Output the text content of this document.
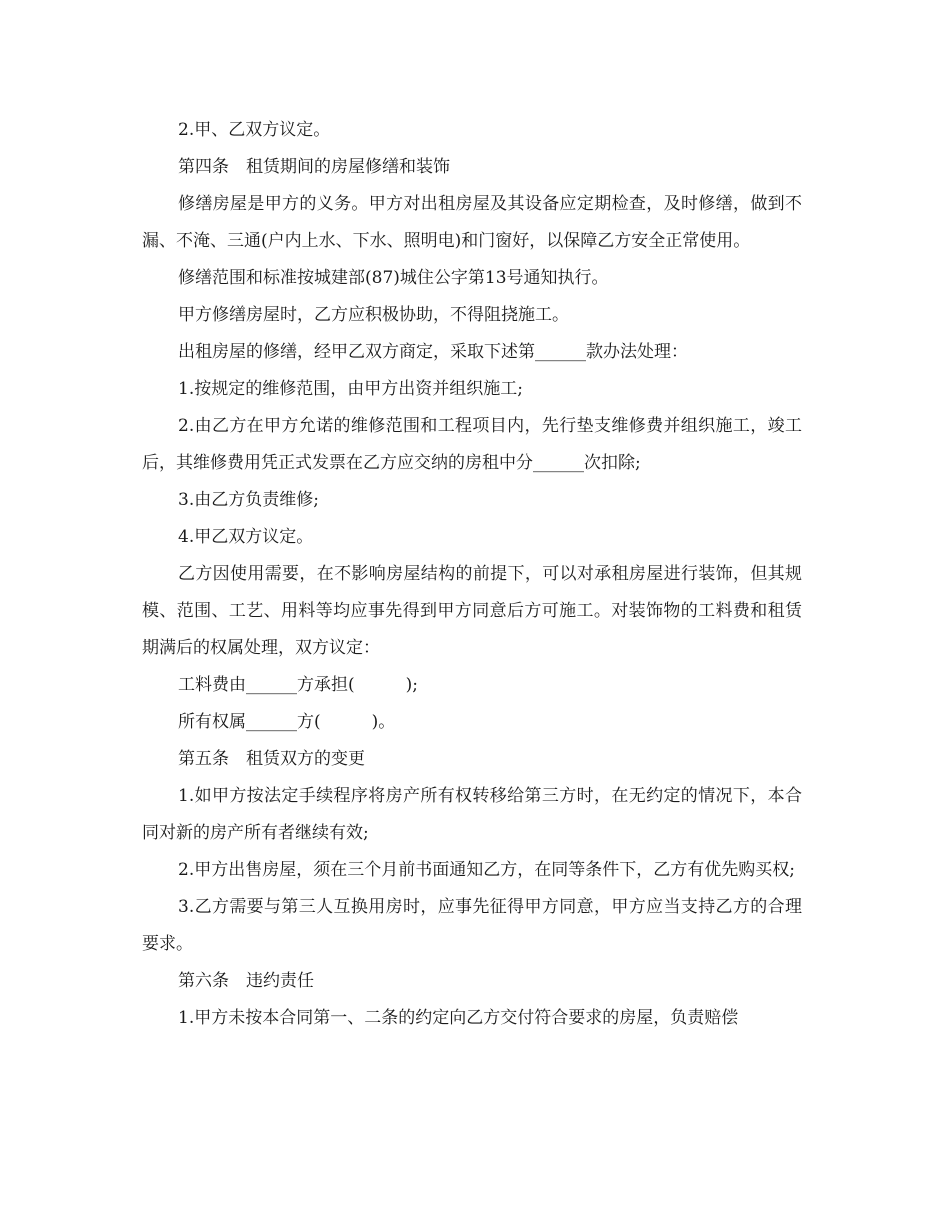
2.甲、乙双方议定。

第四条　租赁期间的房屋修缮和装饰

修缮房屋是甲方的义务。甲方对出租房屋及其设备应定期检查，及时修缮，做到不漏、不淹、三通(户内上水、下水、照明电)和门窗好，以保障乙方安全正常使用。

修缮范围和标准按城建部(87)城住公字第13号通知执行。

甲方修缮房屋时，乙方应积极协助，不得阻挠施工。

出租房屋的修缮，经甲乙双方商定，采取下述第______款办法处理：

1.按规定的维修范围，由甲方出资并组织施工;

2.由乙方在甲方允诺的维修范围和工程项目内，先行垫支维修费并组织施工，竣工后，其维修费用凭正式发票在乙方应交纳的房租中分______次扣除;

3.由乙方负责维修;

4.甲乙双方议定。

乙方因使用需要，在不影响房屋结构的前提下，可以对承租房屋进行装饰，但其规模、范围、工艺、用料等均应事先得到甲方同意后方可施工。对装饰物的工料费和租赁期满后的权属处理，双方议定：

工料费由______方承担(　　　);

所有权属______方(　　　)。

第五条　租赁双方的变更

1.如甲方按法定手续程序将房产所有权转移给第三方时，在无约定的情况下，本合同对新的房产所有者继续有效;

2.甲方出售房屋，须在三个月前书面通知乙方，在同等条件下，乙方有优先购买权;

3.乙方需要与第三人互换用房时，应事先征得甲方同意，甲方应当支持乙方的合理要求。

第六条　违约责任

1.甲方未按本合同第一、二条的约定向乙方交付符合要求的房屋，负责赔偿
